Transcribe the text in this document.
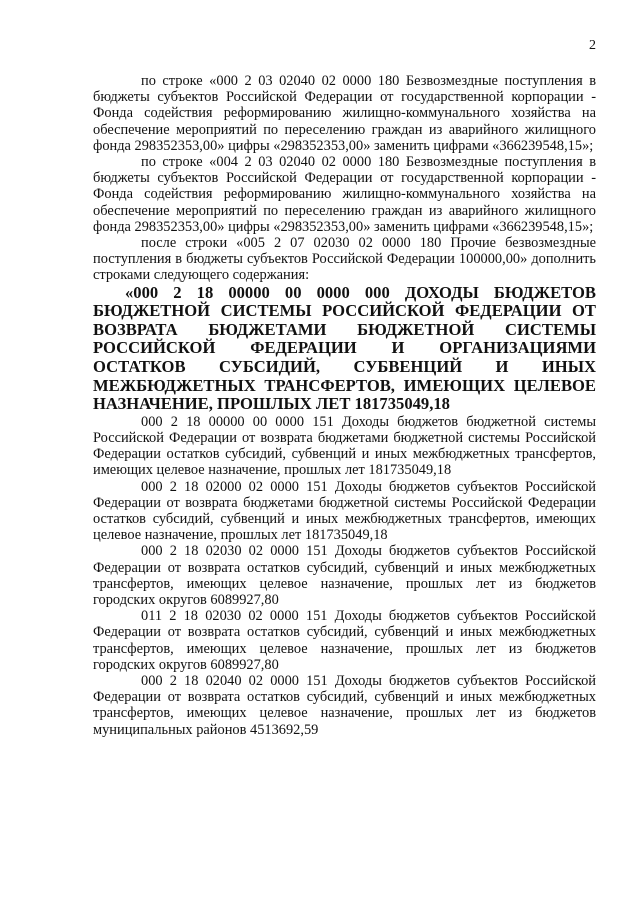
2

по строке «000 2 03 02040 02 0000 180 Безвозмездные поступления в бюджеты субъектов Российской Федерации от государственной корпорации - Фонда содействия реформированию жилищно-коммунального хозяйства на обеспечение мероприятий по переселению граждан из аварийного жилищного фонда 298352353,00» цифры «298352353,00» заменить цифрами «366239548,15»;

по строке «004 2 03 02040 02 0000 180 Безвозмездные поступления в бюджеты субъектов Российской Федерации от государственной корпорации - Фонда содействия реформированию жилищно-коммунального хозяйства на обеспечение мероприятий по переселению граждан из аварийного жилищного фонда 298352353,00» цифры «298352353,00» заменить цифрами «366239548,15»;

после строки «005 2 07 02030 02 0000 180 Прочие безвозмездные поступления в бюджеты субъектов Российской Федерации 100000,00» дополнить строками следующего содержания:

«000 2 18 00000 00 0000 000 ДОХОДЫ БЮДЖЕТОВ БЮДЖЕТНОЙ СИСТЕМЫ РОССИЙСКОЙ ФЕДЕРАЦИИ ОТ ВОЗВРАТА БЮДЖЕТАМИ БЮДЖЕТНОЙ СИСТЕМЫ РОССИЙСКОЙ ФЕДЕРАЦИИ И ОРГАНИЗАЦИЯМИ ОСТАТКОВ СУБСИДИЙ, СУБВЕНЦИЙ И ИНЫХ МЕЖБЮДЖЕТНЫХ ТРАНСФЕРТОВ, ИМЕЮЩИХ ЦЕЛЕВОЕ НАЗНАЧЕНИЕ, ПРОШЛЫХ ЛЕТ 181735049,18

000 2 18 00000 00 0000 151 Доходы бюджетов бюджетной системы Российской Федерации от возврата бюджетами бюджетной системы Российской Федерации остатков субсидий, субвенций и иных межбюджетных трансфертов, имеющих целевое назначение, прошлых лет 181735049,18

000 2 18 02000 02 0000 151 Доходы бюджетов субъектов Российской Федерации от возврата бюджетами бюджетной системы Российской Федерации остатков субсидий, субвенций и иных межбюджетных трансфертов, имеющих целевое назначение, прошлых лет 181735049,18

000 2 18 02030 02 0000 151 Доходы бюджетов субъектов Российской Федерации от возврата остатков субсидий, субвенций и иных межбюджетных трансфертов, имеющих целевое назначение, прошлых лет из бюджетов городских округов 6089927,80

011 2 18 02030 02 0000 151 Доходы бюджетов субъектов Российской Федерации от возврата остатков субсидий, субвенций и иных межбюджетных трансфертов, имеющих целевое назначение, прошлых лет из бюджетов городских округов 6089927,80

000 2 18 02040 02 0000 151 Доходы бюджетов субъектов Российской Федерации от возврата остатков субсидий, субвенций и иных межбюджетных трансфертов, имеющих целевое назначение, прошлых лет из бюджетов муниципальных районов 4513692,59
